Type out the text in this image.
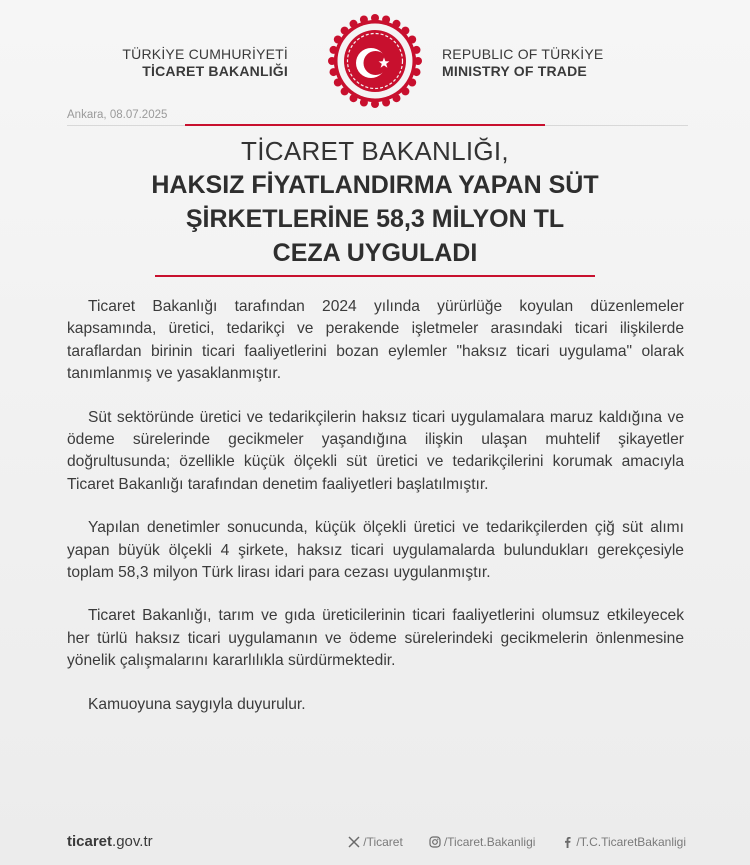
TÜRKİYE CUMHURİYETİ
TİCARET BAKANLIĞI
REPUBLIC OF TÜRKİYE
MINISTRY OF TRADE
Ankara, 08.07.2025
TİCARET BAKANLIĞI,
HAKSIZ FİYATLANDIRMA YAPAN SÜT
ŞİRKETLERİNE 58,3 MİLYON TL
CEZA UYGULADI

Ticaret Bakanlığı tarafından 2024 yılında yürürlüğe koyulan düzenlemeler kapsamında, üretici, tedarikçi ve perakende işletmeler arasındaki ticari ilişkilerde taraflardan birinin ticari faaliyetlerini bozan eylemler "haksız ticari uygulama" olarak tanımlanmış ve yasaklanmıştır.

Süt sektöründe üretici ve tedarikçilerin haksız ticari uygulamalara maruz kaldığına ve ödeme sürelerinde gecikmeler yaşandığına ilişkin ulaşan muhtelif şikayetler doğrultusunda; özellikle küçük ölçekli süt üretici ve tedarikçilerini korumak amacıyla Ticaret Bakanlığı tarafından denetim faaliyetleri başlatılmıştır.

Yapılan denetimler sonucunda, küçük ölçekli üretici ve tedarikçilerden çiğ süt alımı yapan büyük ölçekli 4 şirkete, haksız ticari uygulamalarda bulundukları gerekçesiyle toplam 58,3 milyon Türk lirası idari para cezası uygulanmıştır.

Ticaret Bakanlığı, tarım ve gıda üreticilerinin ticari faaliyetlerini olumsuz etkileyecek her türlü haksız ticari uygulamanın ve ödeme sürelerindeki gecikmelerin önlenmesine yönelik çalışmalarını kararlılıkla sürdürmektedir.

Kamuoyuna saygıyla duyurulur.

ticaret.gov.tr	/Ticaret	/Ticaret.Bakanligi	/T.C.TicaretBakanligi
